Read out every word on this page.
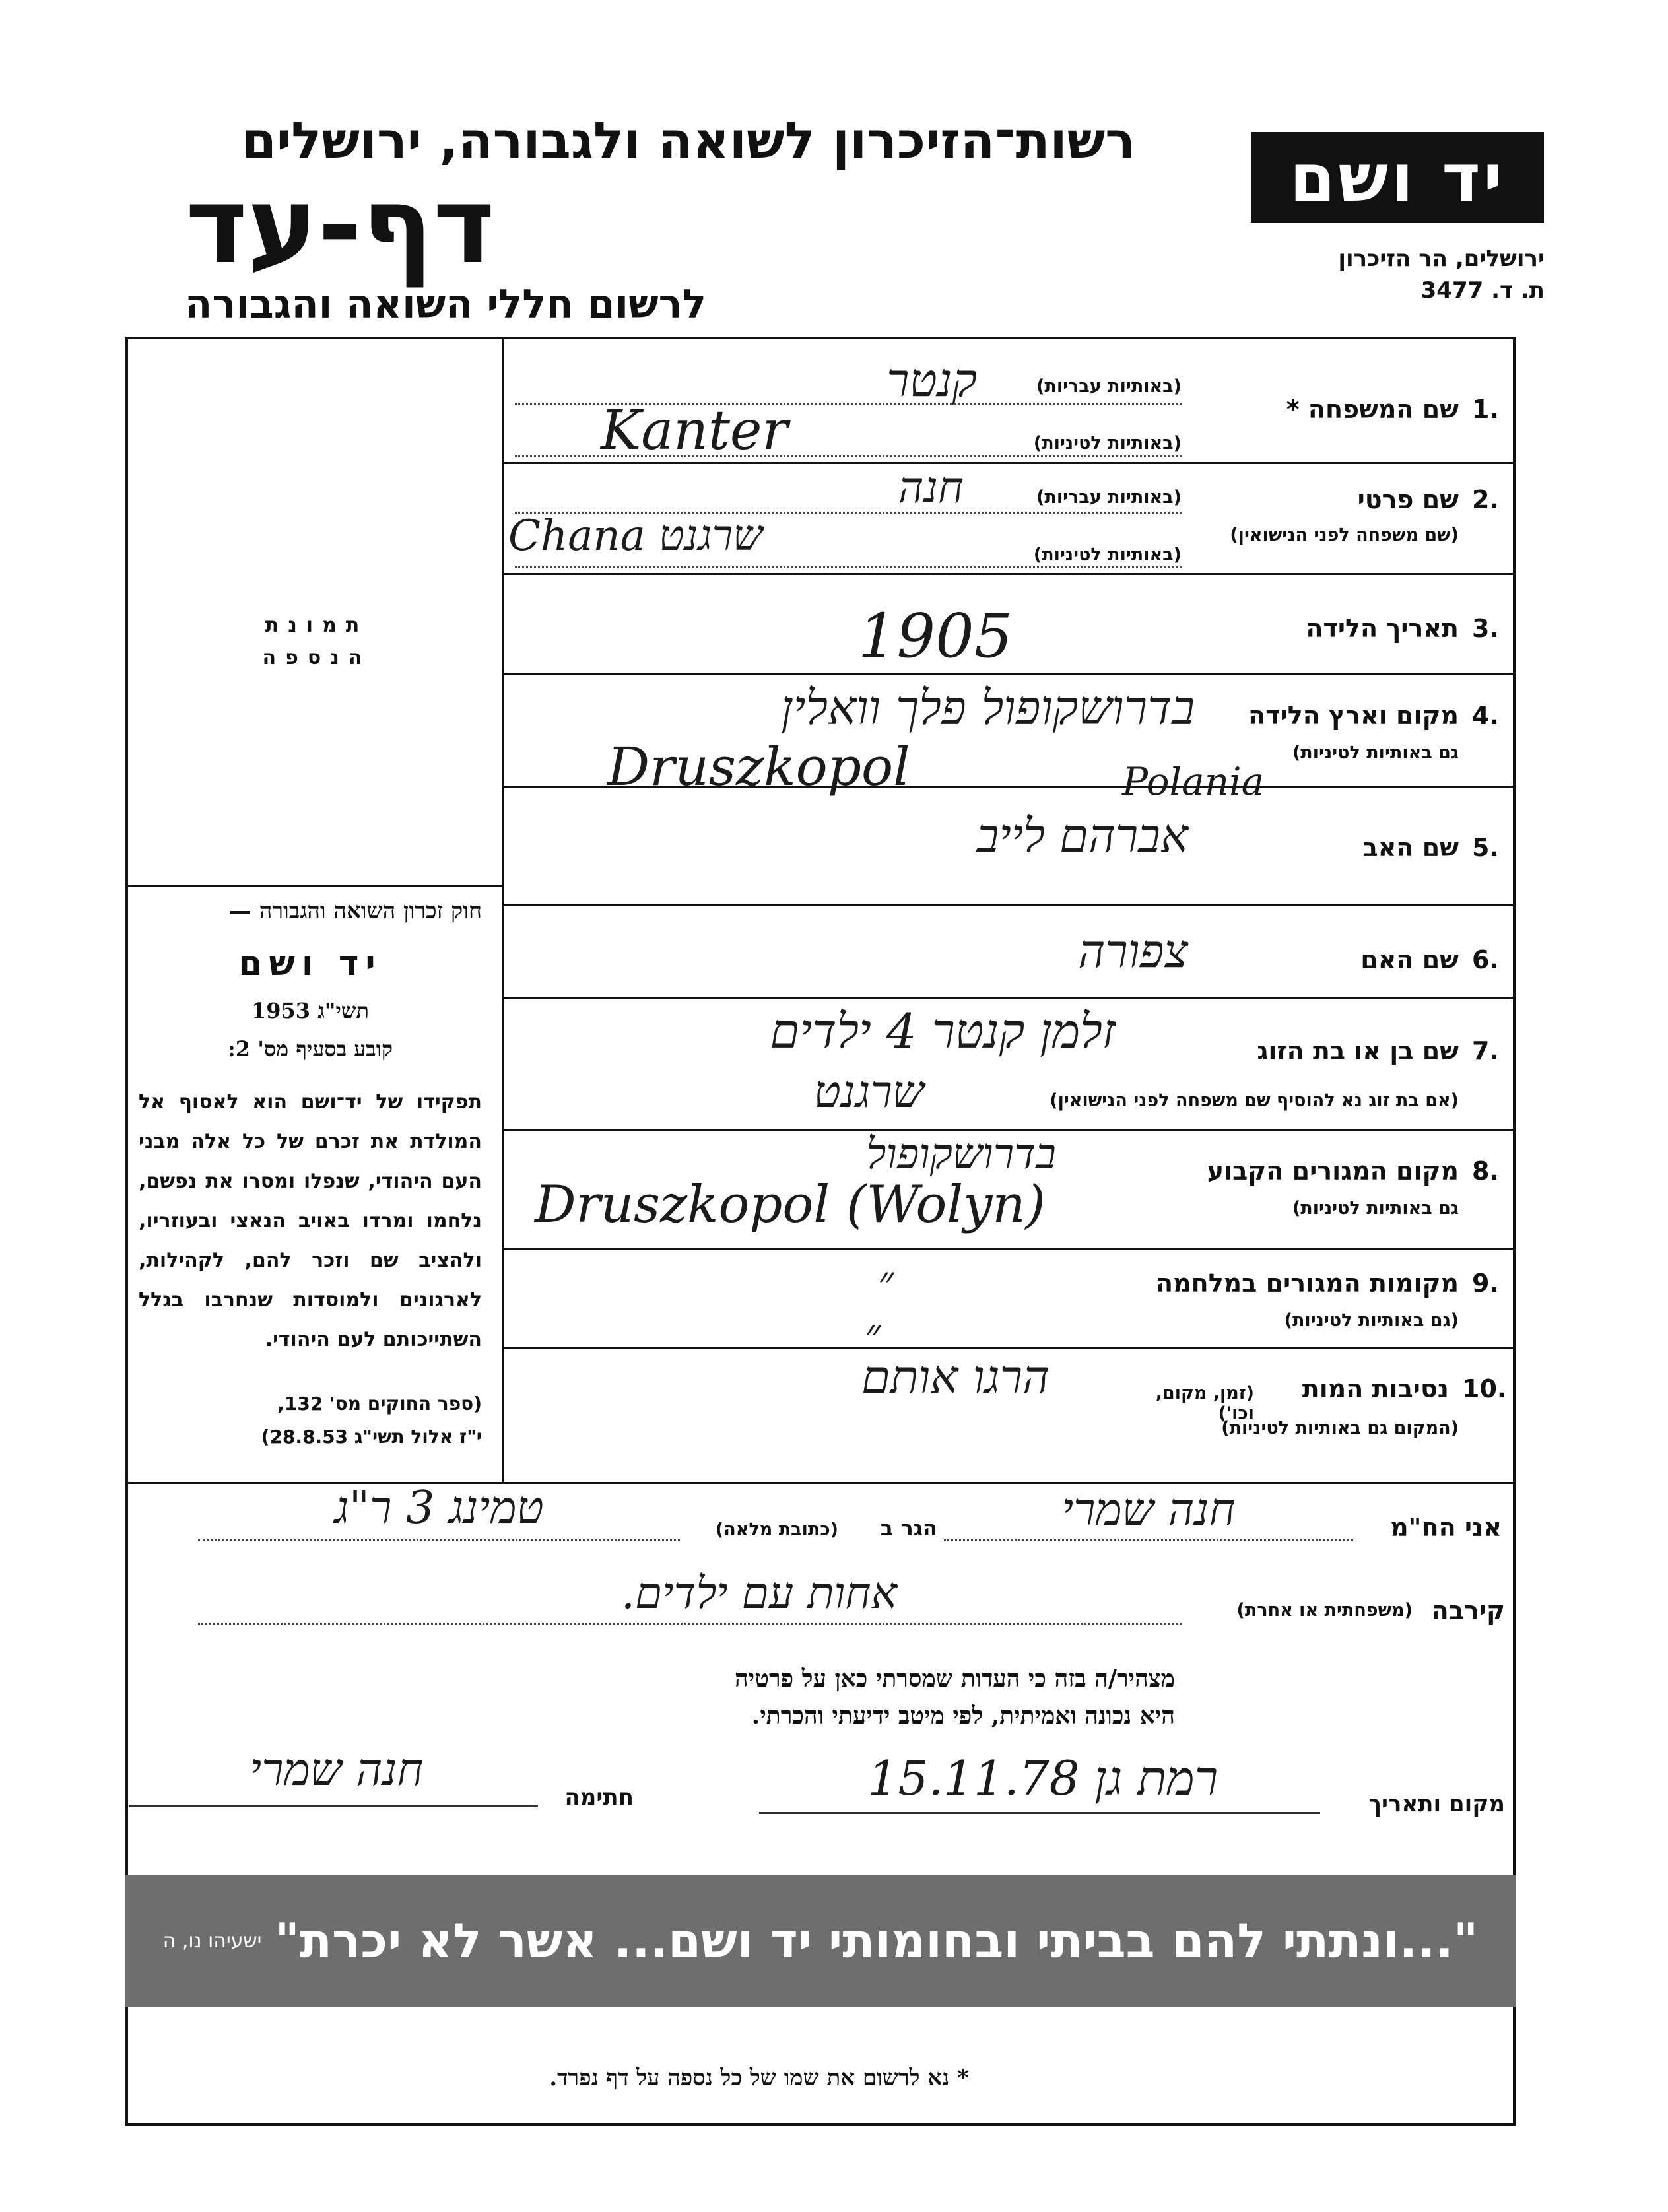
יד ושם
ירושלים, הר הזיכרון
ת. ד. 3477
רשות־הזיכרון לשואה ולגבורה, ירושלים
דף-עד
לרשום חללי השואה והגבורה
תמונת
הנספה
חוק זכרון השואה והגבורה —
יד ושם
תשי"ג 1953
קובע בסעיף מס' 2:
תפקידו של יד־ושם הוא לאסוף אל המולדת את זכרם של כל אלה מבני העם היהודי, שנפלו ומסרו את נפשם, נלחמו ומרדו באויב הנאצי ובעוזריו, ולהציב שם וזכר להם, לקהילות, לארגונים ולמוסדות שנחרבו בגלל השתייכותם לעם היהודי.
(ספר החוקים מס' 132,
י"ז אלול תשי"ג 28.8.53)
1.
שם המשפחה *
(באותיות עבריות)
(באותיות לטיניות)
קנטר
Kanter
2.
שם פרטי
(שם משפחה לפני הנישואין)
(באותיות עבריות)
(באותיות לטיניות)
חנה
Chana שרגנט
3.
תאריך הלידה
1905
4.
מקום וארץ הלידה
גם באותיות לטיניות)
בדרושקופול פלך וואלין
Druszkopol	Polania
5.
שם האב
אברהם לייב
6.
שם האם
צפורה
7.
שם בן או בת הזוג
(אם בת זוג נא להוסיף שם משפחה לפני הנישואין)
זלמן קנטר 4 ילדים
שרגנט
8.
מקום המגורים הקבוע
גם באותיות לטיניות)
בדרושקופול
Druszkopol (Wolyn)
9.
מקומות המגורים במלחמה
(גם באותיות לטיניות)
״
״
10.
נסיבות המות
(זמן, מקום, וכו')
(המקום גם באותיות לטיניות)
הרגו אותם
אני הח"מ
חנה שמרי
הגר ב
(כתובת מלאה)
טמינג 3 ר"ג
קירבה
(משפחתית או אחרת)
אחות עם ילדים.
מצהיר/ה בזה כי העדות שמסרתי כאן על פרטיה
היא נכונה ואמיתית, לפי מיטב ידיעתי והכרתי.
מקום ותאריך
רמת גן 15.11.78
חתימה
חנה שמרי
"...ונתתי להם בביתי ובחומותי יד ושם... אשר לא יכרת"
ישעיהו נו, ה
* נא לרשום את שמו של כל נספה על דף נפרד.
